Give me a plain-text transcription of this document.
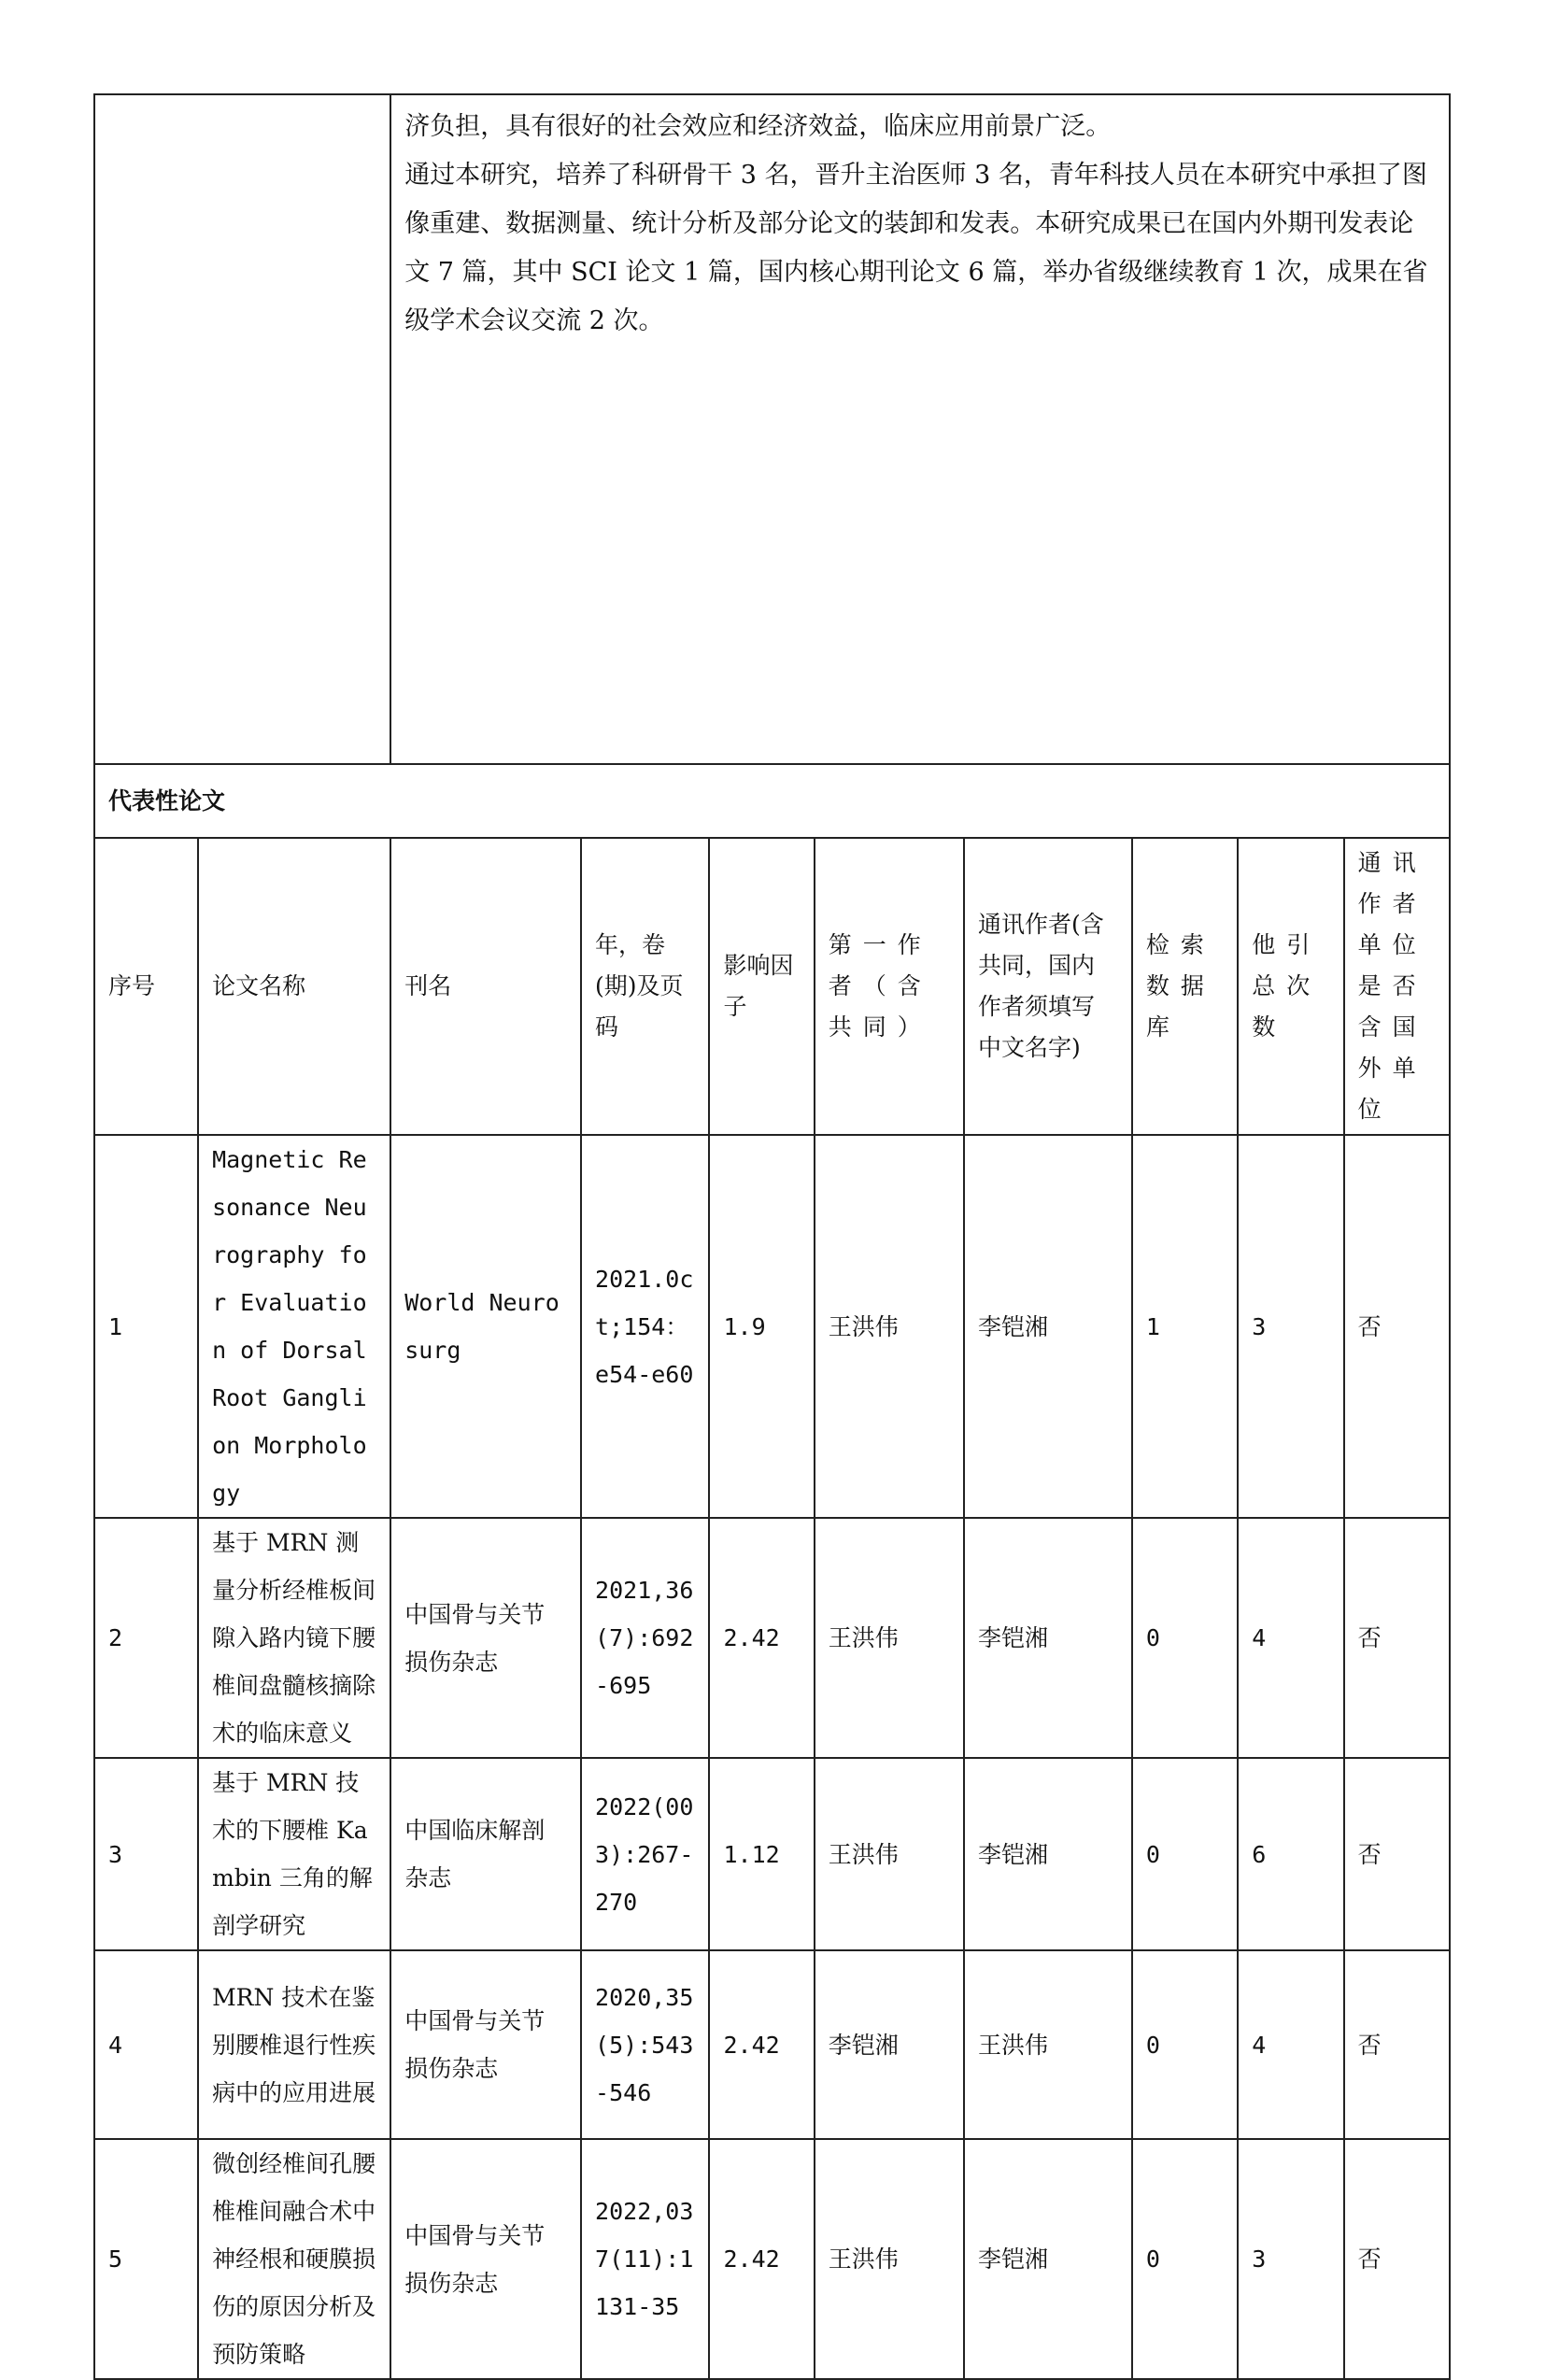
		济负担，具有很好的社会效应和经济效益，临床应用前景广泛。

通过本研究，培养了科研骨干 3 名，晋升主治医师 3 名，青年科技人员在本研究中承担了图像重建、数据测量、统计分析及部分论文的装卸和发表。本研究成果已在国内外期刊发表论文 7 篇，其中 SCI 论文 1 篇，国内核心期刊论文 6 篇，举办省级继续教育 1 次，成果在省级学术会议交流 2 次。							

代表性论文									
序号	论文名称	刊名	年，卷(期)及页码	影响因子	第一作者（含共同）	通讯作者(含共同，国内作者须填写中文名字)	检索数据库	他引总次数	通讯作者单位是否含国外单位
1	Magnetic Resonance Neurography for Evaluation of Dorsal Root Ganglion Morphology	World Neurosurg	2021.0ct;154：e54-e60	1.9	王洪伟	李铠湘	1	3	否
2	基于 MRN 测量分析经椎板间隙入路内镜下腰椎间盘髓核摘除术的临床意义	中国骨与关节损伤杂志	2021,36(7):692-695	2.42	王洪伟	李铠湘	0	4	否
3	基于 MRN 技术的下腰椎 Kambin 三角的解剖学研究	中国临床解剖杂志	2022(003):267-270	1.12	王洪伟	李铠湘	0	6	否
4	MRN 技术在鉴别腰椎退行性疾病中的应用进展	中国骨与关节损伤杂志	2020,35(5):543-546	2.42	李铠湘	王洪伟	0	4	否
5	微创经椎间孔腰椎椎间融合术中神经根和硬膜损伤的原因分析及预防策略	中国骨与关节损伤杂志	2022,037(11):1131-35	2.42	王洪伟	李铠湘	0	3	否
